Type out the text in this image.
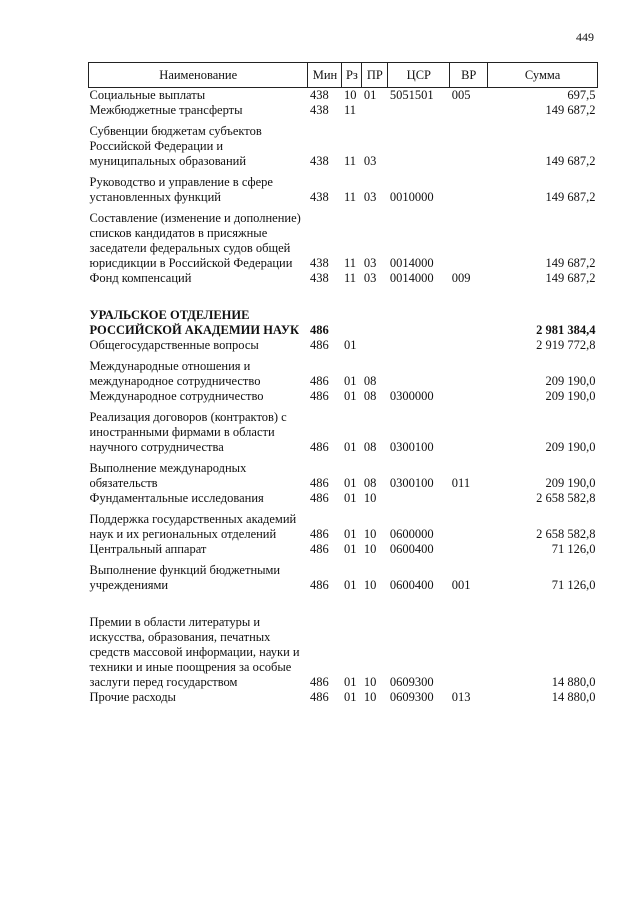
449
Наименование	Мин	Рз	ПР	ЦСР	ВР	Сумма
Социальные выплаты	438	10	01	5051501	005	697,5
Межбюджетные трансферты	438	11				149 687,2
Субвенции бюджетам субъектов Российской Федерации и муниципальных образований	438	11	03			149 687,2
Руководство и управление в сфере установленных функций	438	11	03	0010000		149 687,2
Составление (изменение и дополнение) списков кандидатов в присяжные заседатели федеральных судов общей юрисдикции в Российской Федерации	438	11	03	0014000		149 687,2
Фонд компенсаций	438	11	03	0014000	009	149 687,2
УРАЛЬСКОЕ ОТДЕЛЕНИЕ РОССИЙСКОЙ АКАДЕМИИ НАУК	486					2 981 384,4
Общегосударственные вопросы	486	01				2 919 772,8
Международные отношения и международное сотрудничество	486	01	08			209 190,0
Международное сотрудничество	486	01	08	0300000		209 190,0
Реализация договоров (контрактов) с иностранными фирмами в области научного сотрудничества	486	01	08	0300100		209 190,0
Выполнение международных обязательств	486	01	08	0300100	011	209 190,0
Фундаментальные исследования	486	01	10			2 658 582,8
Поддержка государственных академий наук и их региональных отделений	486	01	10	0600000		2 658 582,8
Центральный аппарат	486	01	10	0600400		71 126,0
Выполнение функций бюджетными учреждениями	486	01	10	0600400	001	71 126,0
Премии в области литературы и искусства, образования, печатных средств массовой информации, науки и техники и иные поощрения за особые заслуги перед государством	486	01	10	0609300		14 880,0
Прочие расходы	486	01	10	0609300	013	14 880,0
